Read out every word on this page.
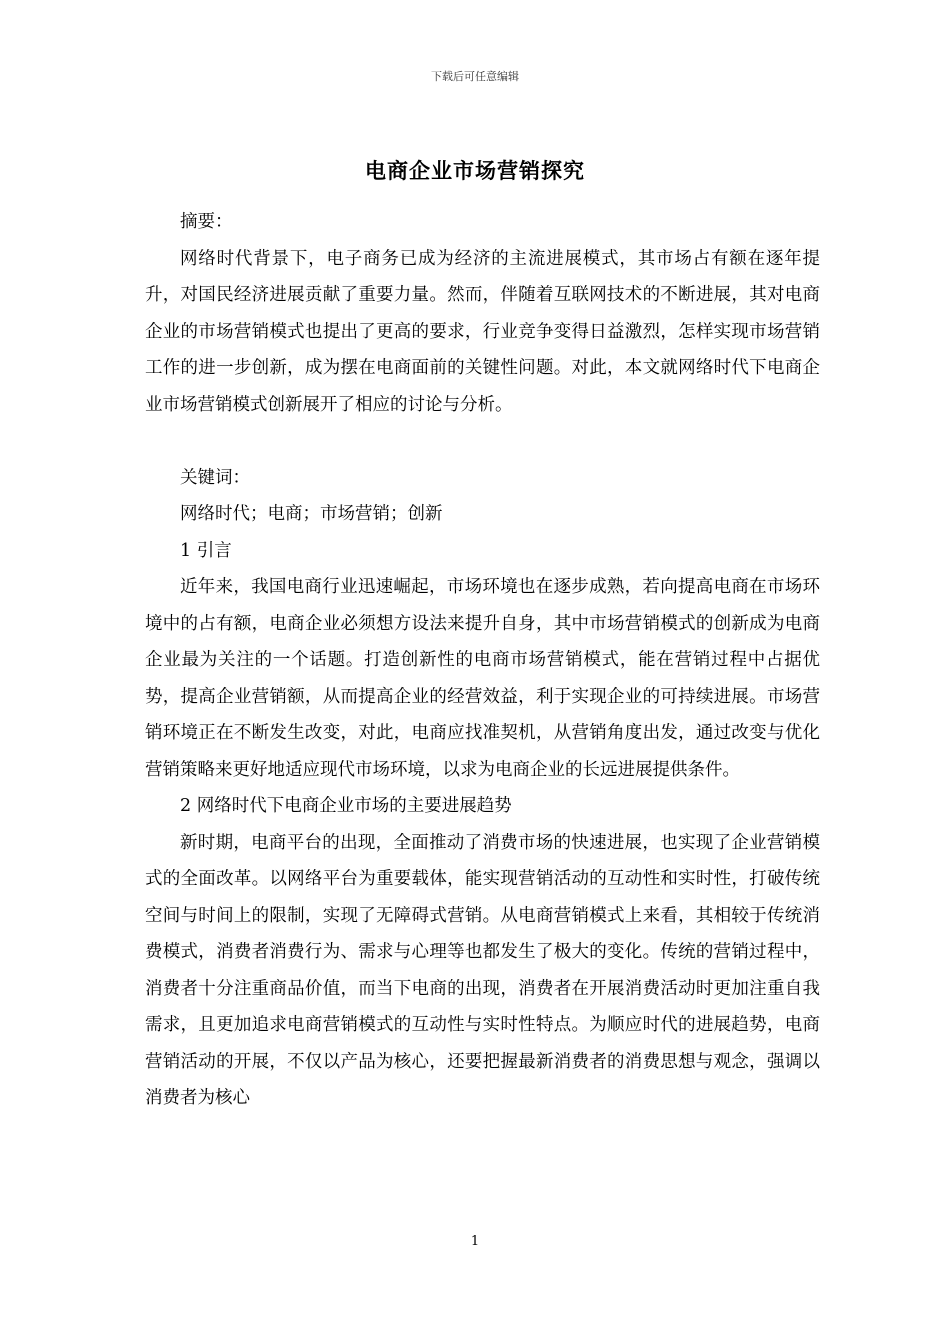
下载后可任意编辑
电商企业市场营销探究

摘要：

网络时代背景下，电子商务已成为经济的主流进展模式，其市场占有额在逐年提升，对国民经济进展贡献了重要力量。然而，伴随着互联网技术的不断进展，其对电商企业的市场营销模式也提出了更高的要求，行业竞争变得日益激烈，怎样实现市场营销工作的进一步创新，成为摆在电商面前的关键性问题。对此，本文就网络时代下电商企业市场营销模式创新展开了相应的讨论与分析。

关键词：

网络时代；电商；市场营销；创新

1 引言

近年来，我国电商行业迅速崛起，市场环境也在逐步成熟，若向提高电商在市场环境中的占有额，电商企业必须想方设法来提升自身，其中市场营销模式的创新成为电商企业最为关注的一个话题。打造创新性的电商市场营销模式，能在营销过程中占据优势，提高企业营销额，从而提高企业的经营效益，利于实现企业的可持续进展。市场营销环境正在不断发生改变，对此，电商应找准契机，从营销角度出发，通过改变与优化营销策略来更好地适应现代市场环境，以求为电商企业的长远进展提供条件。

2 网络时代下电商企业市场的主要进展趋势

新时期，电商平台的出现，全面推动了消费市场的快速进展，也实现了企业营销模式的全面改革。以网络平台为重要载体，能实现营销活动的互动性和实时性，打破传统空间与时间上的限制，实现了无障碍式营销。从电商营销模式上来看，其相较于传统消费模式，消费者消费行为、需求与心理等也都发生了极大的变化。传统的营销过程中，消费者十分注重商品价值，而当下电商的出现，消费者在开展消费活动时更加注重自我需求，且更加追求电商营销模式的互动性与实时性特点。为顺应时代的进展趋势，电商营销活动的开展，不仅以产品为核心，还要把握最新消费者的消费思想与观念，强调以消费者为核心

1
